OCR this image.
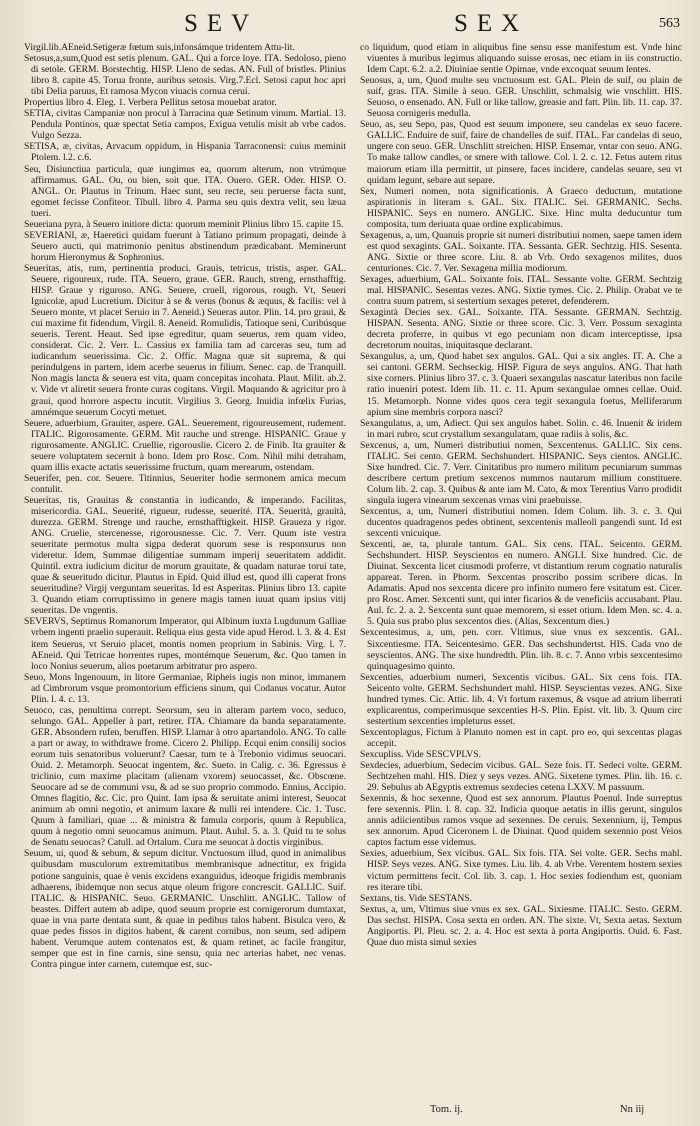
SEV	SEX	563

Virgil.lib.AEneid.Setigeræ fœtum suis,infonsámque tridentem Attu-lit.

Setosus,a,sum,Quod est setis plenum. GAL. Qui a force loye. ITA. Sedoloso, pieno di setole. GERM. Borstechtig. HISP. Lleno de sedas. AN. Full of bristles. Plinius libro 8. capite 45. Torua fronte, auribus setosis. Virg.7.Ecl. Setosi caput hoc apri tibi Delia paruus, Et ramosa Mycon viuacis cornua ceruí.

Propertius libro 4. Eleg. 1. Verbera Pellitus setosa mouebat arator.

SETIA, civitas Campaniæ non procul à Tarracina quæ Setinum vinum. Martial. 13. Pendula Pontinos, quæ spectat Setia campos, Exigua vetulis misit ab vrbe cados. Vulgo Sezza.

SETISA, æ, civitas, Arvacum oppidum, in Hispania Tarraconensi: cuius meminit Ptolem. l.2. c.6.

Seu, Disiunctiua particula, quæ iungimus ea, quorum alterum, non vtrúmque affirmamus. GAL. Ou, ou bien, soit que. ITA. Ouero. GER. Oder. HISP. O. ANGL. Or. Plautus in Trinum. Haec sunt, seu recte, seu peruerse facta sunt, egomet fecisse Confiteor. Tibull. libro 4. Parma seu quis dextra velit, seu læua tueri.

Seueriana pyra, à Seuero initiore dicta: quorum meminit Plinius libro 15. capite 15.

SEVERIANI, æ, Haeretici quidam fuerunt à Tatiano primum propagati, deinde à Seuero aucti, qui matrimonio penitus abstinendum prædicabant. Meminerunt horum Hieronymus & Sophronius.

Seueritas, atis, rum, pertinentia produci. Grauis, tetricus, tristis, asper. GAL. Seuere, rigoureux, rude. ITA. Seuero, graue. GER. Rauch, streng, ernsthafftig. HISP. Graue y riguroso. ANG. Seuere, cruell, rigorous, rough. Vt, Seueri Ignicolæ, apud Lucretium. Dicitur à se & verus (bonus & æquus, & facilis: vel à Seuero monte, vt placet Seruio in 7. Aeneid.) Seueras autor. Plin. 14. pro graui, & cui maxime fit fidendum, Virgil. 8. Aeneid. Romulidis, Tatioque seni, Curibúsque seueris. Terent. Heaut. Sed ipse egreditur, quam seuerus, rem quam video, considerat. Cic. 2. Verr. L. Cassius ex familia tam ad carceras seu, tum ad iudicandum seuerissima. Cic. 2. Offic. Magna quæ sit suprema, & qui perindulgens in partem, idem acerbe seuerus in filium. Senec. cap. de Tranquill. Non magis lancta & seuera est vita, quam concepitas incohata. Plaut. Milit. ab.2. v. Vide vt aliretit seuera fronte curas cogitans. Virgil. Maquando & agricitur pro à graui, quod horrore aspectu incutit. Virgilius 3. Georg. Inuidia infœlix Furias, amnémque seuerum Cocyti metuet.

Seuere, aduerbium, Grauiter, aspere. GAL. Seuerement, rigoureusement, rudement. ITALIC. Rigorosamente. GERM. Mit rauche und strenge. HISPANIC. Graue y rigurosamente. ANGLIC. Cruellie, rigorouslie. Cicero 2. de Finib. Ita grauiter & seuere voluptatem secernit à bono. Idem pro Rosc. Com. Nihil mihi detraham, quam illis exacte actatis seuerissime fructum, quam merearum, ostendam.

Seuerifer, pen. cor. Seuere. Titinnius, Seueriter hodie sermonem amica mecum contulit.

Seueritas, tis, Grauitas & constantia in iudicando, & imperando. Facilitas, misericordia. GAL. Seuerité, rigueur, rudesse, seuerité. ITA. Seuerità, grauità, durezza. GERM. Strenge und rauche, ernsthafftigkeit. HISP. Graueza y rigor. ANG. Cruelie, stercenesse, rigorousnesse. Cic. 7. Verr. Quum iste vestra seueritate permotus multa sigpa dederat quorum sese is responsurus non videretur. Idem, Summae diligentiae summam imperij seueritatem addidit. Quintil. extra iudicium dicitur de morum grauitate, & quadam naturae torui tate, quae & seueritudo dicitur. Plautus in Epid. Quid illud est, quod illi caperat frons seueritudine? Virgij verguntam seueritas. Id est Asperitas. Plinius libro 13. capite 3. Quando etiam corruptissimo in genere magis tamen iuuat quam ipsius vitij seueritas. De vngentis.

SEVERVS, Septimus Romanorum Imperator, qui Albinum iuxta Lugdunum Galliae vrbem ingenti praelio superauit. Reliqua eius gesta vide apud Herod. l. 3. & 4. Est item Seuerus, vt Seruio placet, montis nomen proprium in Sabinis. Virg. l. 7. AEneid. Qui Tetricae horrentes rupes, montémque Seuerum, &c. Quo tamen in loco Nonius seuerum, alios poetarum arbitratur pro aspero.

Seuo, Mons Ingenouum, in litore Germaniae, Ripheis iugis non minor, immanem ad Cimbrorum vsque promontorium efficiens sinum, qui Codanus vocatur. Autor Plin. l. 4. c. 13.

Seuoco, cas, penultima corrept. Seorsum, seu in alteram partem voco, seduco, selungo. GAL. Appeller à part, retirer. ITA. Chiamare da banda separatamente. GER. Absondern rufen, beruffen. HISP. Llamar à otro apartandolo. ANG. To calle a part or away, to withdrawe frome. Cicero 2. Philipp. Ecqui enim consilij socios eorum tuis senatoribus voluerunt? Caesar, tum te à Trebonio vidimus seuocari. Ouid. 2. Metamorph. Seuocat ingentem, &c. Sueto. in Calig. c. 36. Egressus è triclinio, cum maxime placitam (alienam vxorem) seuocasset, &c. Obscœne. Seuocare ad se de communi vsu, & ad se suo proprio commodo. Ennius, Accipio. Omnes flagitio, &c. Cic. pro Quint. Iam ipsa & seruitate animi interest, Seuocat animum ab omni negotio, et animum laxare & nulli rei intendere. Cic. 1. Tusc. Quum à familiari, quae ... & ministra & famula corporis, quum à Republica, quum à negotio omni seuocamus animum. Plaut. Aulul. 5. a. 3. Quid tu te solus de Senatu seuocas? Catull. ad Ortalum. Cura me seuocat à doctis virginibus.

Seuum, ui, quod & sebum, & sepum dicitur. Vnctuosum illud, quod in animalibus quibusdam musculorum extremitatibus membranisque adnectitur, ex frigida potione sanguinis, quae è venis excidens exanguidus, ideoque frigidis membranis adhaerens, ibidemque non secus atque oleum frigore concrescit. GALLIC. Suif. ITALIC. & HISPANIC. Seuo. GERMANIC. Unschlitt. ANGLIC. Tallow of beastes. Differt autem ab adipe, quod seuum proprie est cornigerorum dumtaxat, quae in vna parte dentata sunt, & quae in pedibus talos habent. Bisulca vero, & quae pedes fissos in digitos habent, & carent cornibus, non seum, sed adipem habent. Verumque autem contenatos est, & quam retinet, ac facile frangitur, semper que est in fine carnis, sine sensu, quia nec arterias habet, nec venas. Contra pingue inter carnem, cutemque est, suc-

co liquidum, quod etiam in aliquibus fine sensu esse manifestum est. Vnde hinc viuentes à muribus legimus aliquando suisse erosas, nec etiam in iis constructio. Idem Capt. 6.2. a.2. Diuiniae sentie Opimae, vnde excoquat seuum lentes.

Seuosus, a, um, Quod multe seu vnctuosum est. GAL. Plein de suif, ou plain de suif, gras. ITA. Simile à seuo. GER. Unschlitt, schmalsig wie vnschlitt. HIS. Seuoso, o ensenado. AN. Full or like tallow, greasie and fatt. Plin. lib. 11. cap. 37. Seuosa cornigeris medulla.

Seuo, as, seu Sepo, pas, Quod est seuum imponere, seu candelas ex seuo facere. GALLIC. Enduire de suif, faire de chandelles de suif. ITAL. Far candelas di seuo, ungere con seuo. GER. Unschlitt streichen. HISP. Ensemar, vntar con seuo. ANG. To make tallow candles, or smere with tallowe. Col. l. 2. c. 12. Fetus autem ritus maiorum etiam illa permittit, ut pinsere, faces incidere, candelas seuare, seu vt quidam legunt, sebare aut separe.

Sex, Numeri nomen, nota significationis. A Graeco deductum, mutatione aspirationis in literam s. GAL. Six. ITALIC. Sei. GERMANIC. Sechs. HISPANIC. Seys en numero. ANGLIC. Sixe. Hinc multa deducuntur tum composita, tum deriuata quae ordine explicabimus.

Sexagenus, a, um, Quanuis proprie sit numeri distributiui nomen, saepe tamen idem est quod sexagints. GAL. Soixante. ITA. Sessanta. GER. Sechtzig. HIS. Sesenta. ANG. Sixtie or three score. Liu. 8. ab Vrb. Ordo sexagenos milites, duos centuriones. Cic. 7. Ver. Sexagena millia modiorum.

Sexages, aduerbium, GAL. Soixante fois. ITAL. Sessante volte. GERM. Sechtzig mal. HISPANIC. Sesentas vezes. ANG. Sixtie tymes. Cic. 2. Philip. Orabat ve te contra suum patrem, si sestertium sexages peteret, defenderem.

Sexagintà Decies sex. GAL. Soixante. ITA. Sessante. GERMAN. Sechtzig. HISPAN. Sesenta. ANG. Sixtie or three score. Cic. 3. Verr. Possum sexaginta decreta proferre, in quibus vt ego pecuniam non dicam interceptisse, ipsa decretorum nouitas, iniquitasque declarant.

Sexangulus, a, um, Quod habet sex angulos. GAL. Qui a six angles. IT. A. Che a sei cantoni. GERM. Sechseckig. HISP. Figura de seys angulos. ANG. That hath sixe corners. Plinius libro 37. c. 3. Quaeri sexangulas nascatur lateribus non facile ratio inueniri potest. Idem lib. 11. c. 11. Apum sexangulae omnes cellae. Ouid. 15. Metamorph. Nonne vides quos cera tegit sexangula foetus, Melliferarum apium sine membris corpora nasci?

Sexangulatus, a, um, Adiect. Qui sex angulos habet. Solin. c. 46. Inuenit & iridem in mari rubro, scut crystallum sexangulatam, quae radiis à solis, &c.

Sexcenus, a, um, Numeri distributiui nomen, Sexcentenus. GALLIC. Six cens. ITALIC. Sei cento. GERM. Sechshundert. HISPANIC. Seys cientos. ANGLIC. Sixe hundred. Cic. 7. Verr. Cinitatibus pro numero militum pecuniarum summas describere certum pretium sexcenos nummos nautarum millium constituere. Colum lib. 2. cap. 3. Quibus & ante iam M. Cato, & mox Terentius Varro prodidit singula iugera vinearum sexcenas vrnas vini praebuisse.

Sexcentus, a, um, Numeri distributiui nomen. Idem Colum. lib. 3. c. 3. Qui ducentos quadragenos pedes obtinent, sexcentenis malleoli pangendi sunt. Id est sexcenti vnicuique.

Sexcenti, ae, ta, plurale tantum. GAL. Six cens. ITAL. Seicento. GERM. Sechshundert. HISP. Seyscientos en numero. ANGLI. Sixe hundred. Cic. de Diuinat. Sexcenta licet ciusmodi proferre, vt distantium rerum cognatio naturalis appareat. Teren. in Phorm. Sexcentas proscribo possim scribere dicas. In Adamatis. Apud nos sexcenta dicere pro infinito numero fere vsitatum est. Cicer. pro Rosc. Amer. Sexcenti sunt, qui inter ficarios & de veneficiis accusabant. Plau. Aul. fc. 2. a. 2. Sexcenta sunt quae memorem, si esset otium. Idem Men. sc. 4. a. 5. Quia sus prabo plus sexcentos dies. (Alias, Sexcentum dies.)

Sexcentesimus, a, um, pen. corr. Vltimus, siue vnus ex sexcentis. GAL. Sixcentiesme. ITA. Seicentesimo. GER. Das sechshundertst. HIS. Cada vno de seyscientos. ANG. The sixe hundredth. Plin. lib. 8. c. 7. Anno vrbis sexcentesimo quinquagesimo quinto.

Sexcenties, aduerbium numeri, Sexcentis vicibus. GAL. Six cens fois. ITA. Seicento volte. GERM. Sechshundert mahl. HISP. Seyscientas vezes. ANG. Sixe hundred tymes. Cic. Attic. lib. 4. Vt fortum raxemus, & vsque ad atrium liberrati explicarentus, comperimusque sexcenties H-S. Plin. Epist. vlt. lib. 3. Quum circ sestertium sexcenties impleturus esset.

Sexcentoplagus, Fictum à Planuto nomen est in capt. pro eo, qui sexcentas plagas accepit.

Sexcupliss. Vide SESCVPLVS.

Sexdecies, aduerbium, Sedecim vicibus. GAL. Seze fois. IT. Sedeci volte. GERM. Sechtzehen mahl. HIS. Diez y seys vezes. ANG. Sixetene tymes. Plin. lib. 16. c. 29. Sebulus ab AEgyptis extremus sexdecies cetena LXXV. M passuum.

Sexennis, & hoc sexenne, Quod est sex annorum. Plautus Poenul. Inde surreptus fere sexennis. Plin. l. 8. cap. 32. Indicia quoque aetatis in illis gerunt, singulos annis adiicientibus ramos vsque ad sexennes. De ceruis. Sexennium, ij, Tempus sex annorum. Apud Ciceronem l. de Diuinat. Quod quidem sexennio post Veios captos factum esse videmus.

Sexies, aduerbium, Sex vicibus. GAL. Six fois. ITA. Sei volte. GER. Sechs mahl. HISP. Seys vezes. ANG. Sixe tymes. Liu. lib. 4. ab Vrbe. Verentem hostem sexies victum permittens fecit. Col. lib. 3. cap. 1. Hoc sexies fodiendum est, quoniam res iterare tibi.

Sextans, tis. Vide SESTANS.

Sextus, a, um, Vltimus siue vnus ex sex. GAL. Sixiesme. ITALIC. Sesto. GERM. Das sechst. HISPA. Cosa sexta en orden. AN. The sixte. Vt, Sexta aetas. Sextum Angiportis. Pl. Pleu. sc. 2. a. 4. Hoc est sexta à porta Angiportis. Ouid. 6. Fast. Quae duo mista simul sexies

Tom. ij.	Nn iij
